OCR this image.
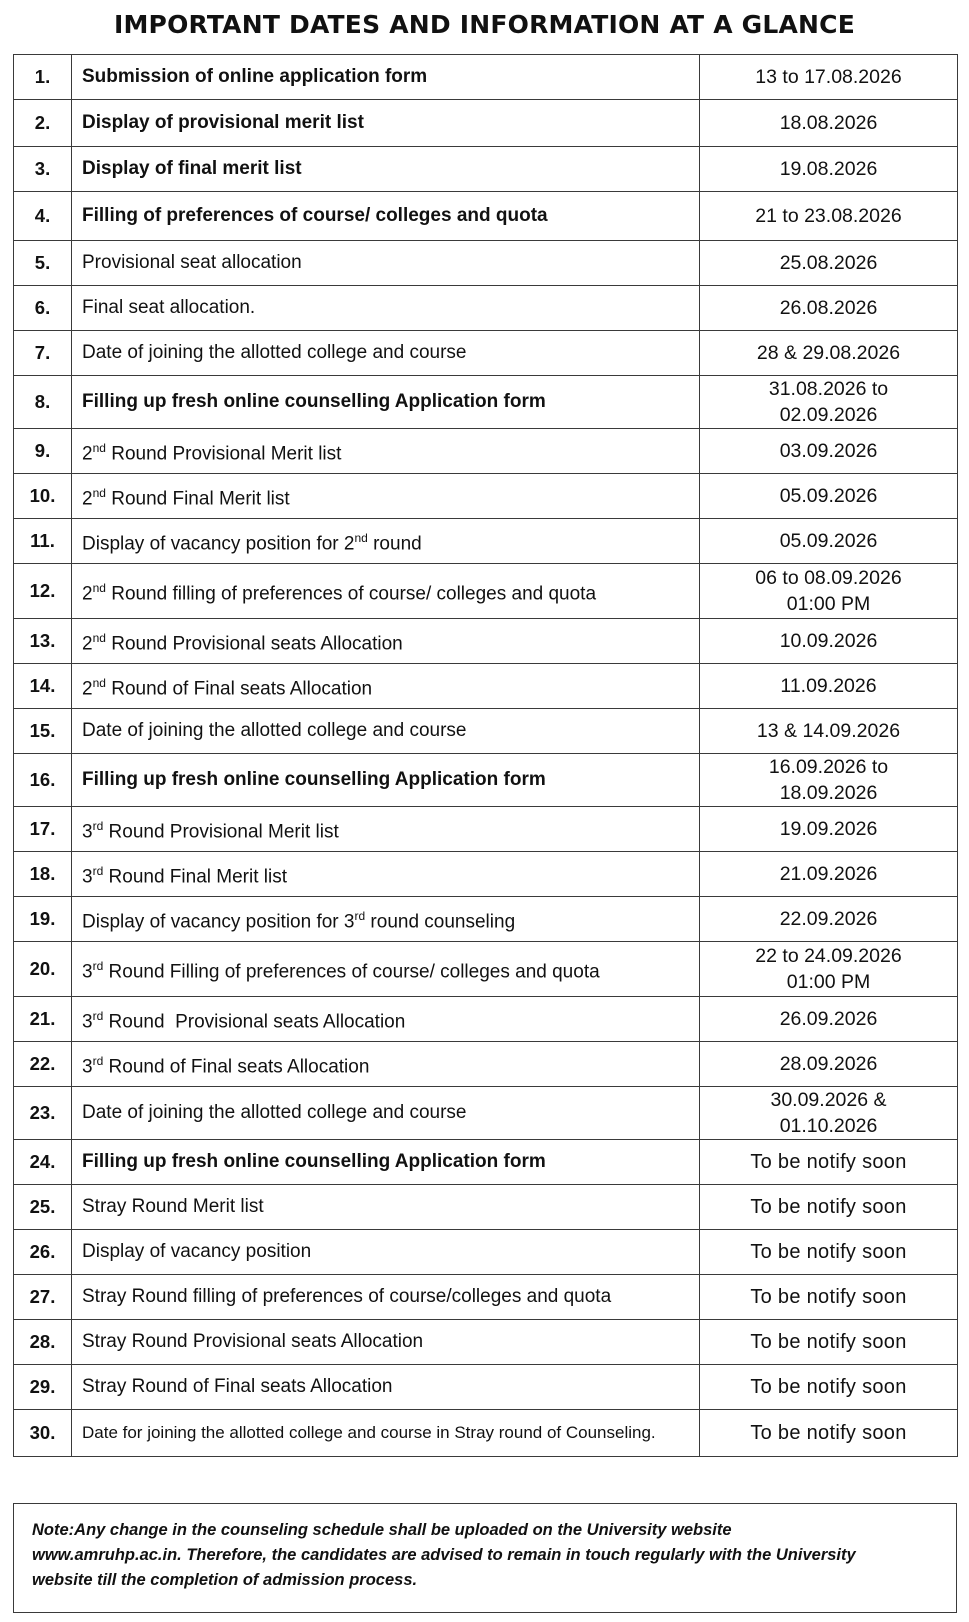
IMPORTANT DATES AND INFORMATION AT A GLANCE
1.	Submission of online application form	13 to 17.08.2026

2.	Display of provisional merit list	18.08.2026

3.	Display of final merit list	19.08.2026

4.	Filling of preferences of course/ colleges and quota	21 to 23.08.2026

5.	Provisional seat allocation	25.08.2026

6.	Final seat allocation.	26.08.2026

7.	Date of joining the allotted college and course	28 & 29.08.2026

8.	Filling up fresh online counselling Application form	31.08.2026 to
02.09.2026

9.	2nd Round Provisional Merit list	03.09.2026

10.	2nd Round Final Merit list	05.09.2026

11.	Display of vacancy position for 2nd round	05.09.2026

12.	2nd Round filling of preferences of course/ colleges and quota	06 to 08.09.2026
01:00 PM

13.	2nd Round Provisional seats Allocation	10.09.2026

14.	2nd Round of Final seats Allocation	11.09.2026

15.	Date of joining the allotted college and course	13 & 14.09.2026

16.	Filling up fresh online counselling Application form	16.09.2026 to
18.09.2026

17.	3rd Round Provisional Merit list	19.09.2026

18.	3rd Round Final Merit list	21.09.2026

19.	Display of vacancy position for 3rd round counseling	22.09.2026

20.	3rd Round Filling of preferences of course/ colleges and quota	22 to 24.09.2026
01:00 PM

21.	3rd Round  Provisional seats Allocation	26.09.2026

22.	3rd Round of Final seats Allocation	28.09.2026

23.	Date of joining the allotted college and course	30.09.2026 &
01.10.2026

24.	Filling up fresh online counselling Application form	To be notify soon

25.	Stray Round Merit list	To be notify soon

26.	Display of vacancy position	To be notify soon

27.	Stray Round filling of preferences of course/colleges and quota	To be notify soon

28.	Stray Round Provisional seats Allocation	To be notify soon

29.	Stray Round of Final seats Allocation	To be notify soon

30.	Date for joining the allotted college and course in Stray round of Counseling.	To be notify soon
Note:Any change in the counseling schedule shall be uploaded on the University website
www.amruhp.ac.in. Therefore, the candidates are advised to remain in touch regularly with the University
website till the completion of admission process.
